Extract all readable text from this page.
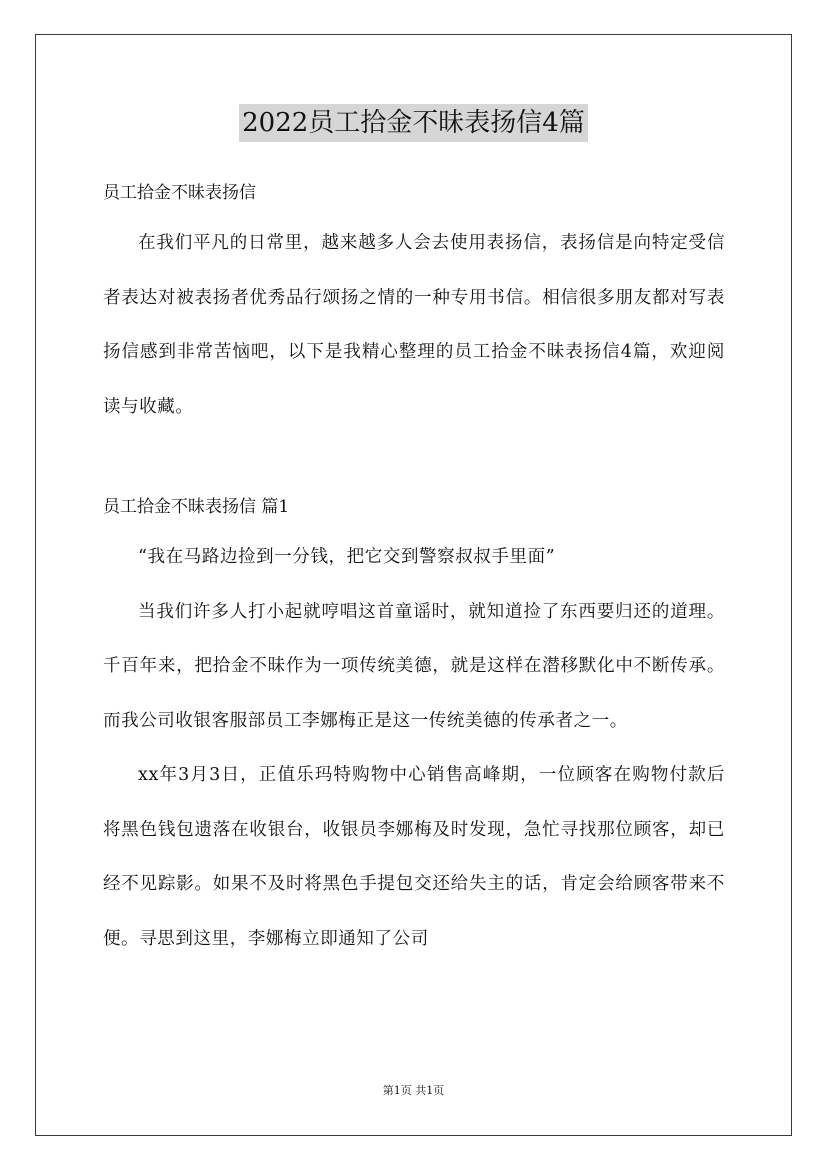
2022员工拾金不昧表扬信4篇

员工拾金不昧表扬信

在我们平凡的日常里，越来越多人会去使用表扬信，表扬信是向特定受信者表达对被表扬者优秀品行颂扬之情的一种专用书信。相信很多朋友都对写表扬信感到非常苦恼吧，以下是我精心整理的员工拾金不昧表扬信4篇，欢迎阅读与收藏。

员工拾金不昧表扬信 篇1

“我在马路边捡到一分钱，把它交到警察叔叔手里面”

当我们许多人打小起就哼唱这首童谣时，就知道捡了东西要归还的道理。千百年来，把拾金不昧作为一项传统美德，就是这样在潜移默化中不断传承。而我公司收银客服部员工李娜梅正是这一传统美德的传承者之一。

xx年3月3日，正值乐玛特购物中心销售高峰期，一位顾客在购物付款后将黑色钱包遗落在收银台，收银员李娜梅及时发现，急忙寻找那位顾客，却已经不见踪影。如果不及时将黑色手提包交还给失主的话，肯定会给顾客带来不便。寻思到这里，李娜梅立即通知了公司

第1页 共1页
